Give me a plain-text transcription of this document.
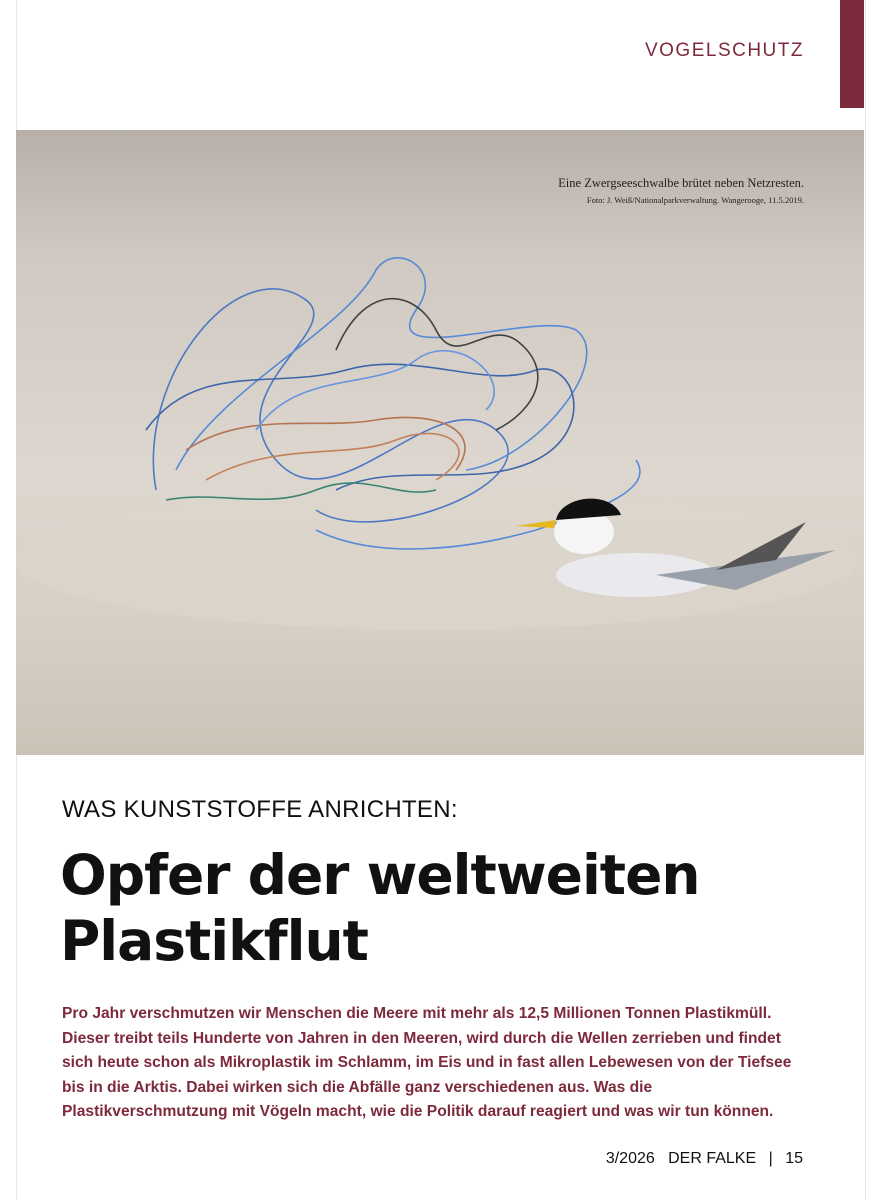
VOGELSCHUTZ
Eine Zwergseeschwalbe brütet neben Netzresten.
Foto: J. Weiß/Nationalparkverwaltung. Wangerooge, 11.5.2019.
WAS KUNSTSTOFFE ANRICHTEN:
Opfer der weltweiten
Plastikflut
Pro Jahr verschmutzen wir Menschen die Meere mit mehr als 12,5 Millionen Tonnen Plastikmüll. Dieser treibt teils Hunderte von Jahren in den Meeren, wird durch die Wellen zerrieben und findet sich heute schon als Mikroplastik im Schlamm, im Eis und in fast allen Lebewesen von der Tiefsee bis in die Arktis. Dabei wirken sich die Abfälle ganz verschiedenen aus. Was die Plastikverschmutzung mit Vögeln macht, wie die Politik darauf reagiert und was wir tun können.
3/2026 DER FALKE | 15
